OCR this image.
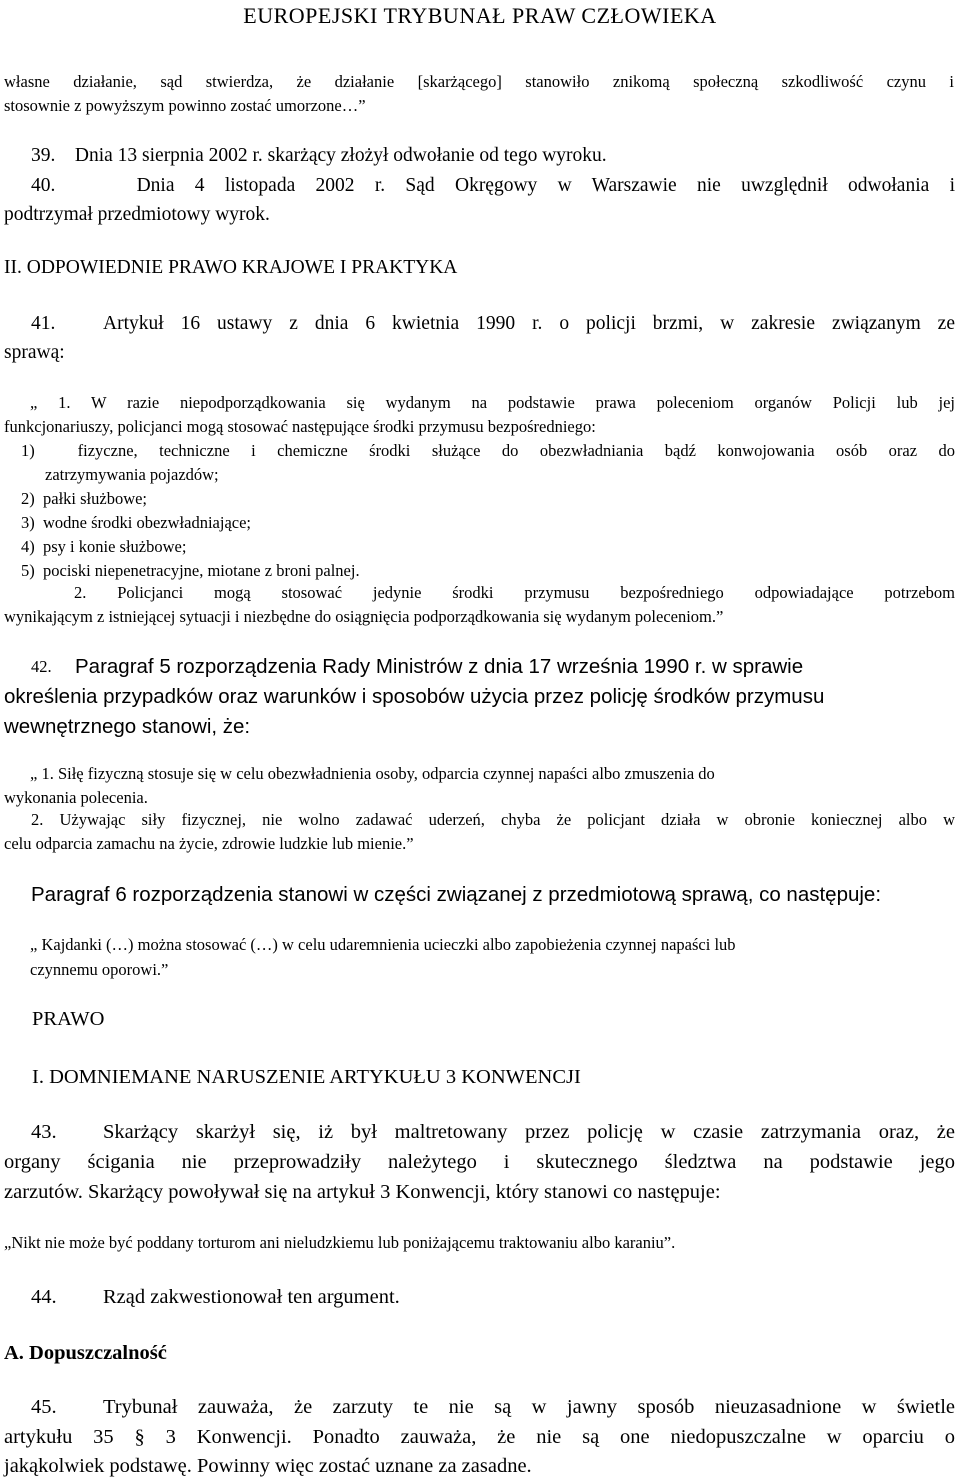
EUROPEJSKI TRYBUNAŁ PRAW CZŁOWIEKA
własne działanie, sąd stwierdza, że działanie [skarżącego] stanowiło znikomą społeczną szkodliwość czynu i
stosownie z powyższym powinno zostać umorzone…”
39.    Dnia 13 sierpnia 2002 r. skarżący złożył odwołanie od tego wyroku.
40.    Dnia 4 listopada 2002 r. Sąd Okręgowy w Warszawie nie uwzględnił odwołania i
podtrzymał przedmiotowy wyrok.
II. ODPOWIEDNIE PRAWO KRAJOWE I PRAKTYKA
41. Artykuł 16 ustawy z dnia 6 kwietnia 1990 r. o policji brzmi, w zakresie związanym ze
sprawą:
„ 1. W razie niepodporządkowania się wydanym na podstawie prawa poleceniom organów Policji lub jej
funkcjonariuszy, policjanci mogą stosować następujące środki przymusu bezpośredniego:
1)  fizyczne, techniczne i chemiczne środki służące do obezwładniania bądź konwojowania osób oraz do
zatrzymywania pojazdów;
2)  pałki służbowe;
3)  wodne środki obezwładniające;
4)  psy i konie służbowe;
5)  pociski niepenetracyjne, miotane z broni palnej.
2. Policjanci mogą stosować jedynie środki przymusu bezpośredniego odpowiadające potrzebom
wynikającym z istniejącej sytuacji i niezbędne do osiągnięcia podporządkowania się wydanym poleceniom.”
42. Paragraf 5 rozporządzenia Rady Ministrów z dnia 17 września 1990 r. w sprawie
określenia przypadków oraz warunków i sposobów użycia przez policję środków przymusu
wewnętrznego stanowi, że:
„ 1. Siłę fizyczną stosuje się w celu obezwładnienia osoby, odparcia czynnej napaści albo zmuszenia do
wykonania polecenia.
2. Używając siły fizycznej, nie wolno zadawać uderzeń, chyba że policjant działa w obronie koniecznej albo w
celu odparcia zamachu na życie, zdrowie ludzkie lub mienie.”
Paragraf 6 rozporządzenia stanowi w części związanej z przedmiotową sprawą, co następuje:
„ Kajdanki (…) można stosować (…) w celu udaremnienia ucieczki albo zapobieżenia czynnej napaści lub
czynnemu oporowi.”
PRAWO
I. DOMNIEMANE NARUSZENIE ARTYKUŁU 3 KONWENCJI
43. Skarżący skarżył się, iż był maltretowany przez policję w czasie zatrzymania oraz, że
organy ścigania nie przeprowadziły należytego i skutecznego śledztwa na podstawie jego
zarzutów. Skarżący powoływał się na artykuł 3 Konwencji, który stanowi co następuje:
„Nikt nie może być poddany torturom ani nieludzkiemu lub poniżającemu traktowaniu albo karaniu”.
44. Rząd zakwestionował ten argument.
A. Dopuszczalność
45. Trybunał zauważa, że zarzuty te nie są w jawny sposób nieuzasadnione w świetle
artykułu 35 § 3 Konwencji. Ponadto zauważa, że nie są one niedopuszczalne w oparciu o
jakąkolwiek podstawę. Powinny więc zostać uznane za zasadne.
